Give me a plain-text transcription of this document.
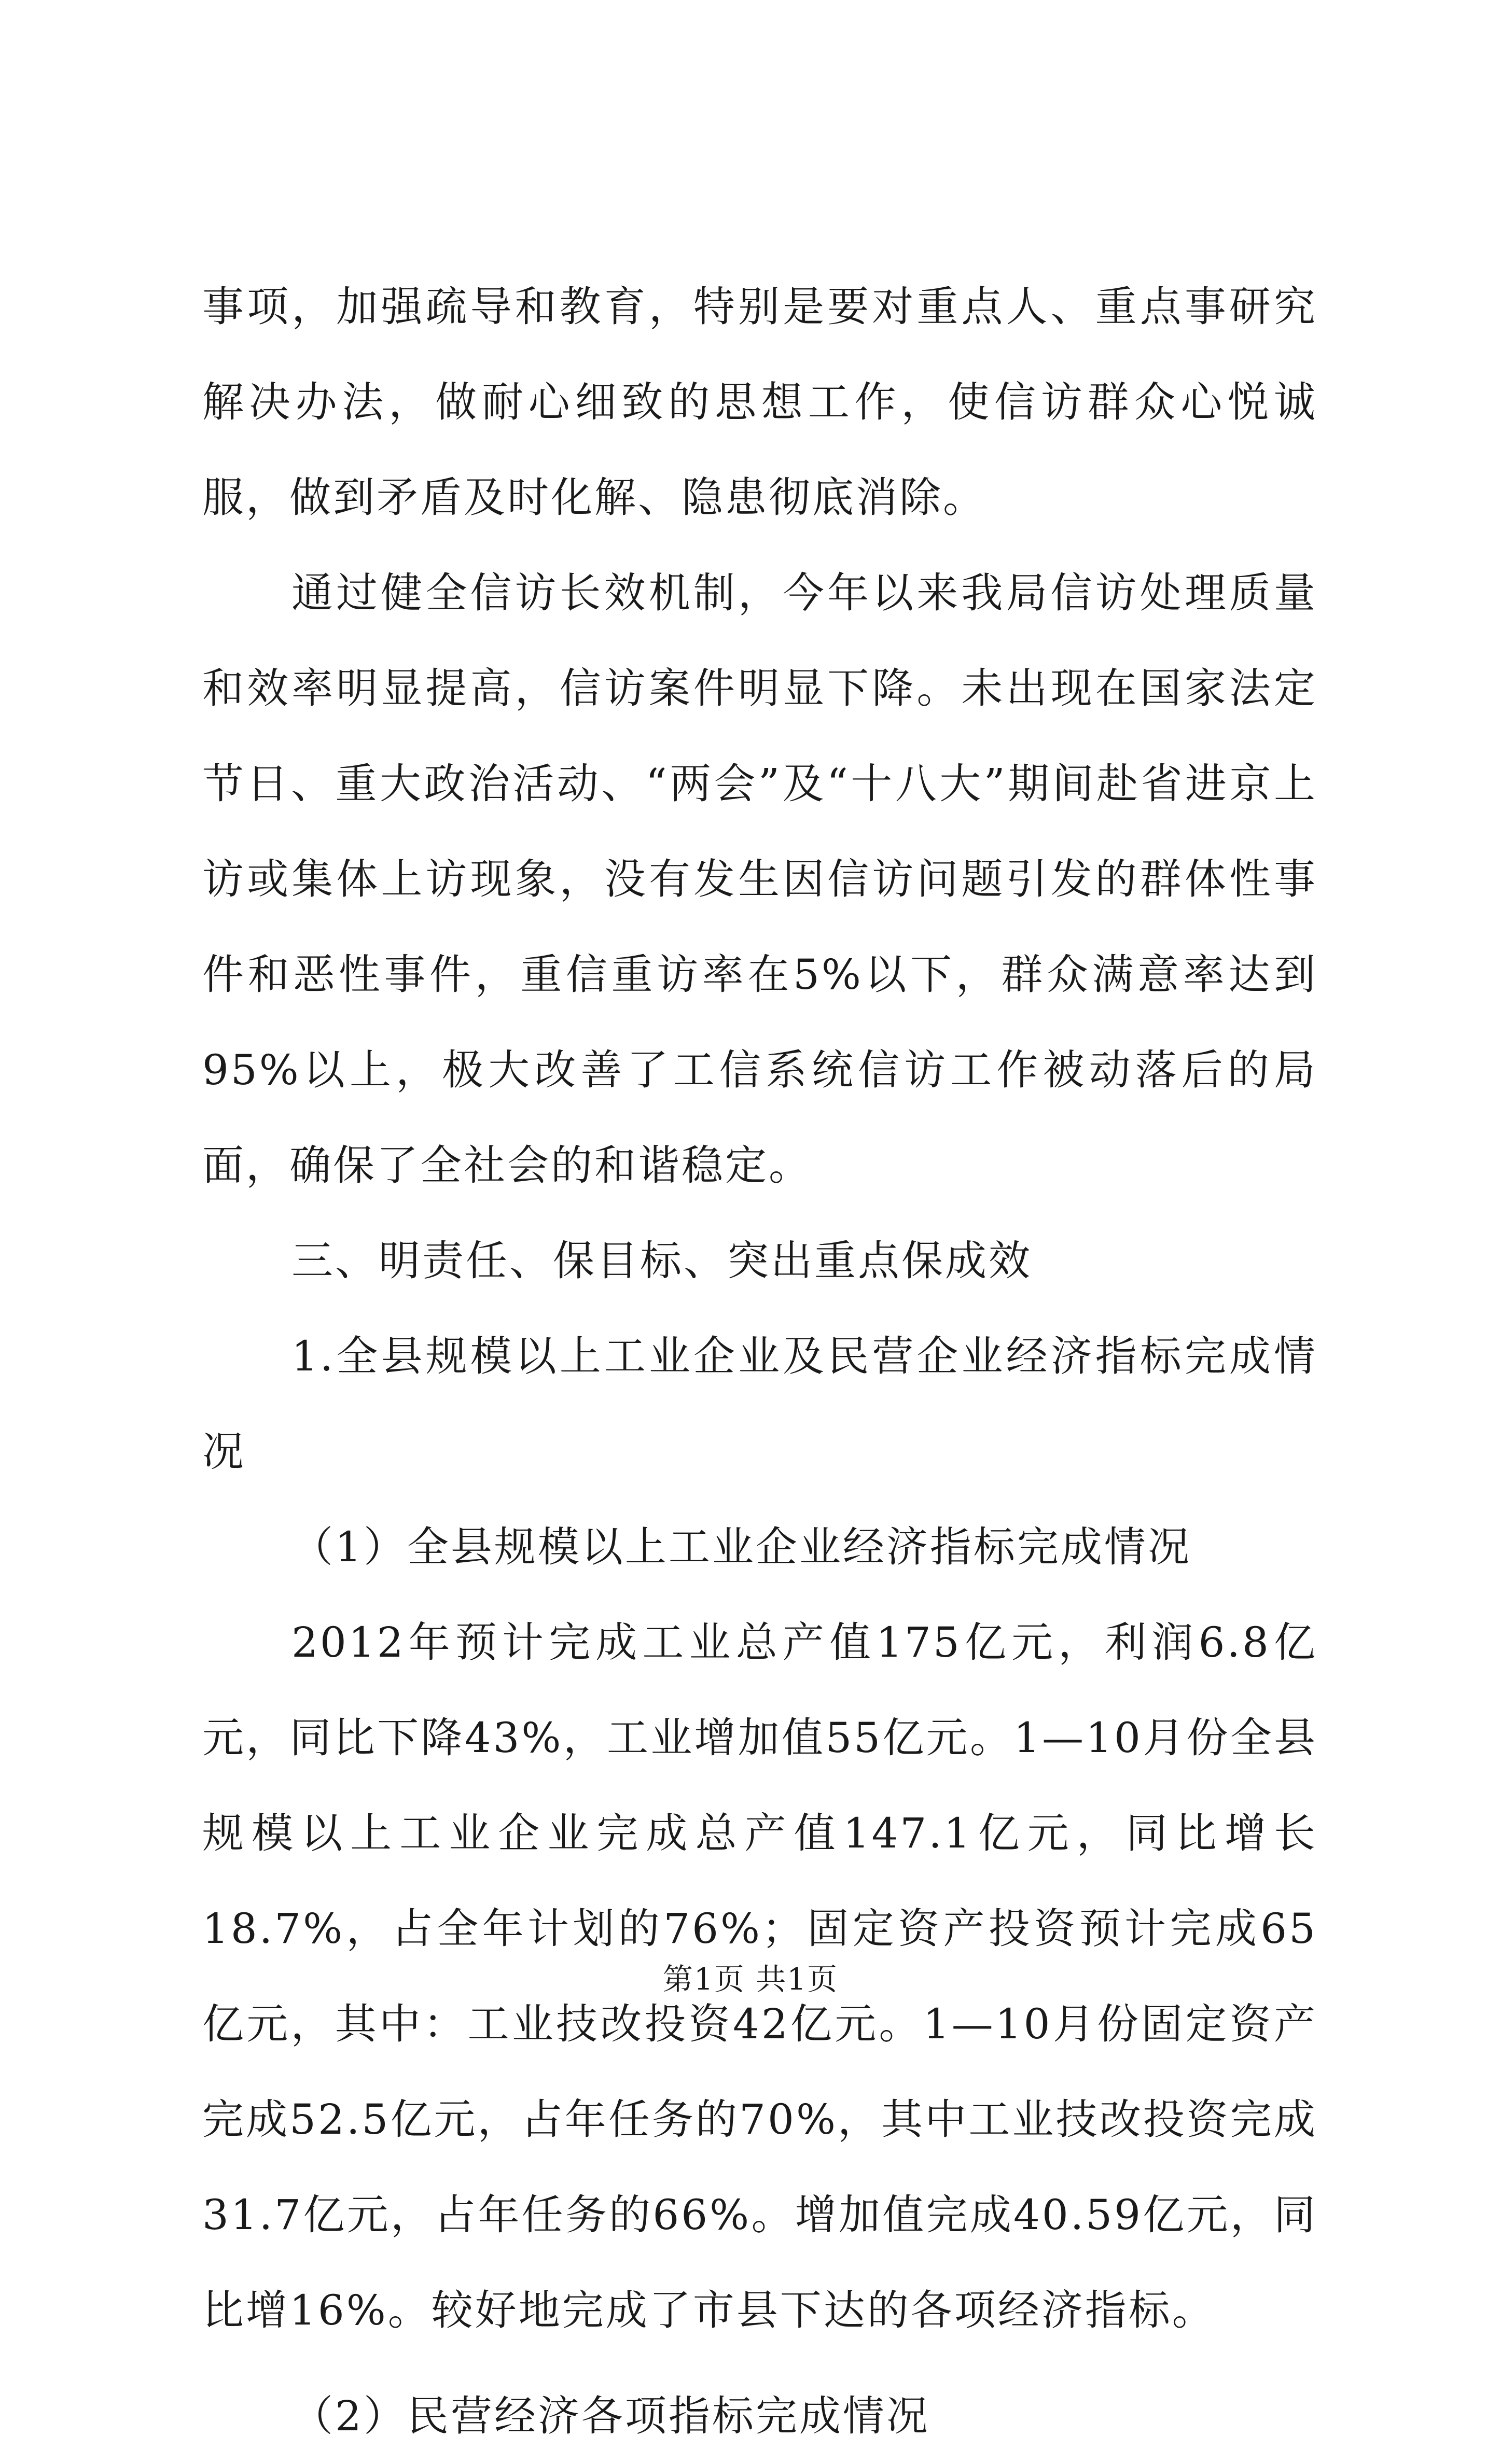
事项，加强疏导和教育，特别是要对重点人、重点事研究解决办法，做耐心细致的思想工作，使信访群众心悦诚服，做到矛盾及时化解、隐患彻底消除。

通过健全信访长效机制，今年以来我局信访处理质量和效率明显提高，信访案件明显下降。未出现在国家法定节日、重大政治活动、“两会”及“十八大”期间赴省进京上访或集体上访现象，没有发生因信访问题引发的群体性事件和恶性事件，重信重访率在5%以下，群众满意率达到95%以上，极大改善了工信系统信访工作被动落后的局面，确保了全社会的和谐稳定。

三、明责任、保目标、突出重点保成效

1.全县规模以上工业企业及民营企业经济指标完成情况

（1）全县规模以上工业企业经济指标完成情况

2012年预计完成工业总产值175亿元，利润6.8亿元，同比下降43%，工业增加值55亿元。1—10月份全县规模以上工业企业完成总产值147.1亿元，同比增长18.7%，占全年计划的76%；固定资产投资预计完成65亿元，其中：工业技改投资42亿元。1—10月份固定资产完成52.5亿元，占年任务的70%，其中工业技改投资完成31.7亿元，占年任务的66%。增加值完成40.59亿元，同比增16%。较好地完成了市县下达的各项经济指标。

（2）民营经济各项指标完成情况

第1页 共1页
